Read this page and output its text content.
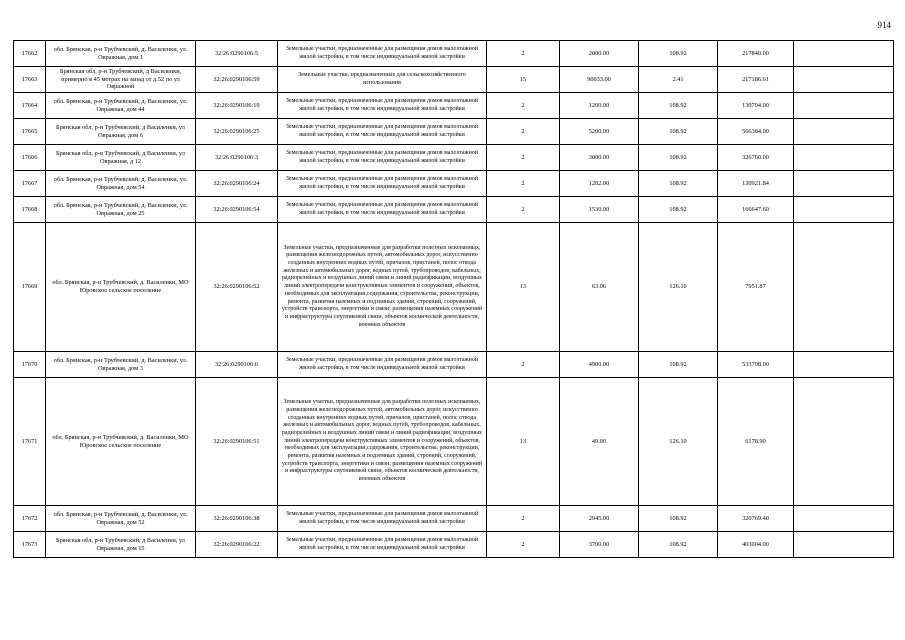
914
17662	обл. Брянская, р-н Трубчевский, д. Василенки, ул. Овражная, дом 1	32:26:0290106:5	Земельные участки, предназначенные для размещения домов малоэтажной жилой застройки, в том числе индивидуальной жилой застройки	2	2000.00	108.92	217840.00	
17663	Брянская обл, р-н Трубчевский, д Василенки, примерно в 45 метрах на запад от д.52 по ул Овражной	32:26:0290106:59	Земельные участки, предназначенные для сельскохозяйственного использования	15	90033.00	2.41	217186.61	
17664	обл. Брянская, р-н Трубчевский, д. Василенки, ул. Овражная, дом 44	32:26:0290106:19	Земельные участки, предназначенные для размещения домов малоэтажной жилой застройки, в том числе индивидуальной жилой застройки	2	1200.00	108.92	130704.00	
17665	Брянская обл, р-н Трубчевский, д Василенки, ул Овражная, дом 6	32:26:0290106:25	Земельные участки, предназначенные для размещения домов малоэтажной жилой застройки, в том числе индивидуальной жилой застройки	2	5200.00	108.92	566384.00	
17666	Брянская обл, р-н Трубчевский, д Василенки, ул Овражная, д 12	32:26:0290106:3	Земельные участки, предназначенные для размещения домов малоэтажной жилой застройки, в том числе индивидуальной жилой застройки	2	3000.00	108.92	326760.00	
17667	обл. Брянская, р-н Трубчевский, д. Василенки, ул. Овражная, дом 54	32:26:0290106:24	Земельные участки, предназначенные для размещения домов малоэтажной жилой застройки, в том числе индивидуальной жилой застройки	2	1202.00	108.92	130921.84	
17668	обл. Брянская, р-н Трубчевский, д. Василенки, ул. Овражная, дом 25	32:26:0290106:54	Земельные участки, предназначенные для размещения домов малоэтажной жилой застройки, в том числе индивидуальной жилой застройки	2	1530.00	108.92	166647.60	
17669	обл. Брянская, р-н Трубчевский, д. Василенки, МО Юровское сельское поселение	32:26:0290106:52	Земельные участки, предназначенные для разработки полезных ископаемых, размещения железнодорожных путей, автомобильных дорог, искусственно созданных внутренних водных путей, причалов, пристаней, полос отвода железных и автомобильных дорог, водных путей, трубопроводов, кабельных, радиорелейных и воздушных линий связи и линий радиофикации, воздушных линий электропередачи конструктивных элементов и сооружений, объектов, необходимых для эксплуатации,содержания, строительства, реконструкции, ремонта, развития наземных и подземных зданий, строений, сооружений, устройств транспорта, энергетики и связи; размещения наземных сооружений и инфраструктуры спутниковой связи, объектов космической деятельности, военных объектов	13	63.06	126.10	7951.87	
17670	обл. Брянская, р-н Трубчевский, д. Василенки, ул. Овражная, дом 3	32:26:0290106:6	Земельные участки, предназначенные для размещения домов малоэтажной жилой застройки, в том числе индивидуальной жилой застройки	2	4900.00	108.92	533708.00	
17671	обл. Брянская, р-н Трубчевский, д. Василенки, МО Юровское сельское поселение	32:26:0290106:51	Земельные участки, предназначенные для разработки полезных ископаемых, размещения железнодорожных путей, автомобильных дорог, искусственно созданных внутренних водных путей, причалов, пристаней, полос отвода железных и автомобильных дорог, водных путей, трубопроводов, кабельных, радиорелейных и воздушных линий связи и линий радиофикации, воздушных линий электропередачи конструктивных элементов и сооружений, объектов, необходимых для эксплуатации,содержания, строительства, реконструкции, ремонта, развития наземных и подземных зданий, строений, сооружений, устройств транспорта, энергетики и связи; размещения наземных сооружений и инфраструктуры спутниковой связи, объектов космической деятельности, военных объектов	13	49.00	126.10	6178.90	
17672	обл. Брянская, р-н Трубчевский, д. Василенки, ул. Овражная, дом 52	32:26:0290106:38	Земельные участки, предназначенные для размещения домов малоэтажной жилой застройки, в том числе индивидуальной жилой застройки	2	2945.00	108.92	320769.40	
17673	Брянская обл, р-н Трубчевский, д Василенки, ул Овражная, дом 15	32:26:0290106:22	Земельные участки, предназначенные для размещения домов малоэтажной жилой застройки, в том числе индивидуальной жилой застройки	2	3700.00	108.92	403004.00	
